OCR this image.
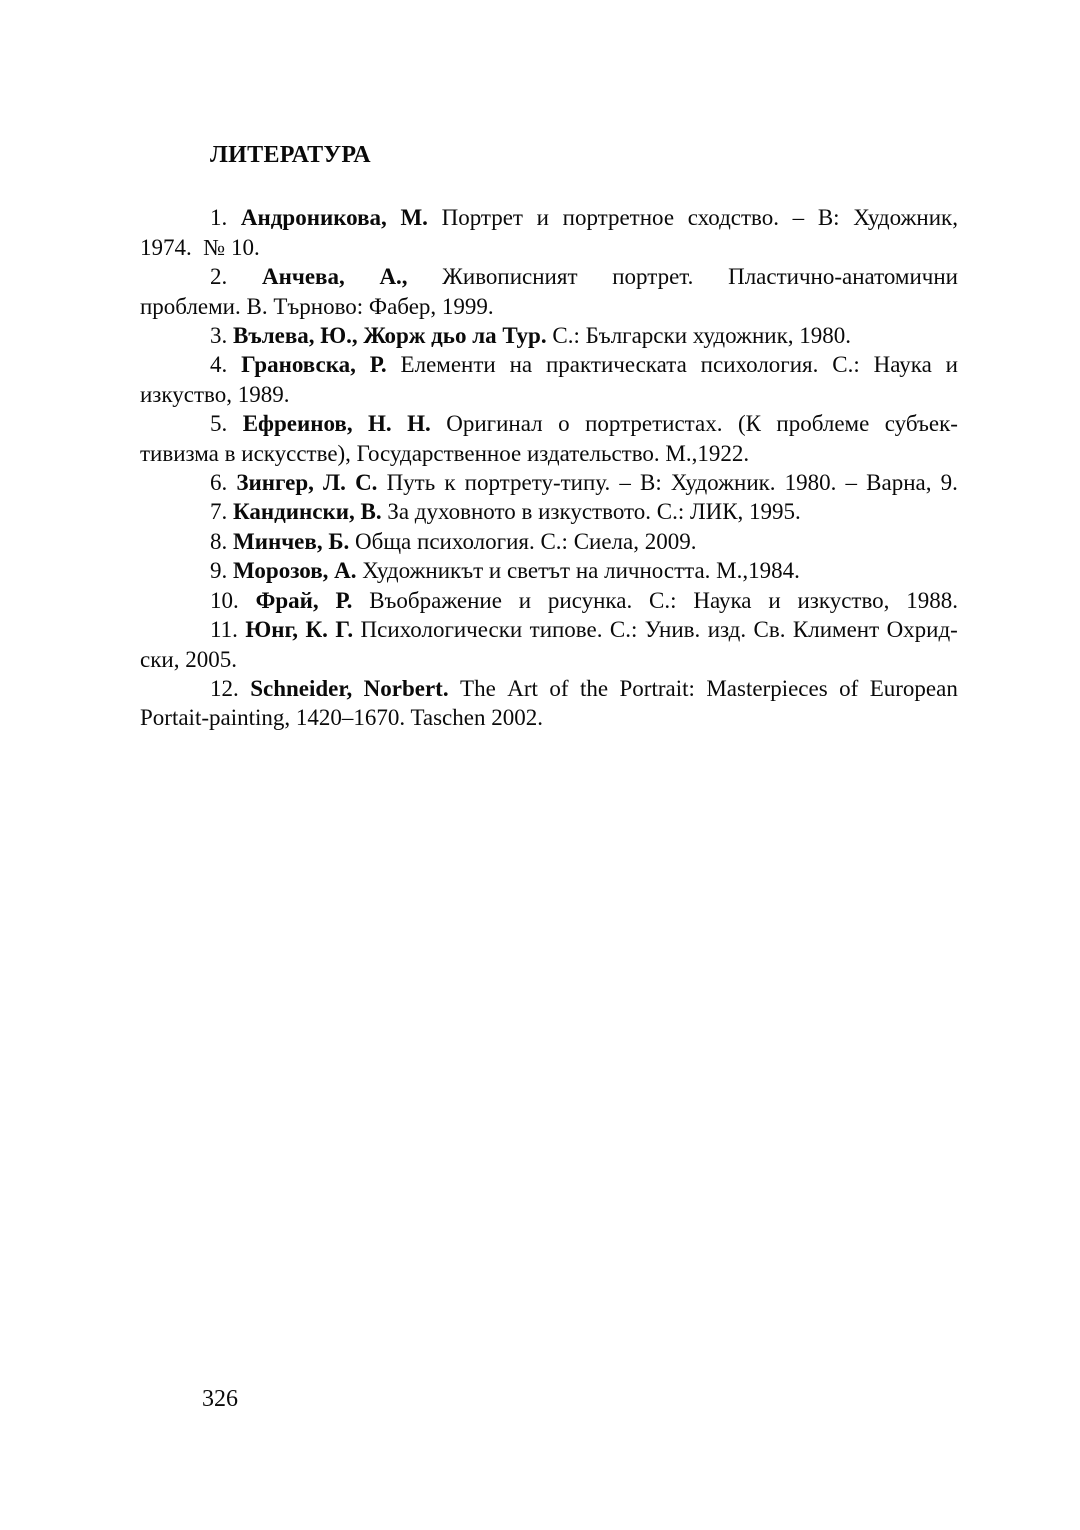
ЛИТЕРАТУРА
1. Андроникова, М. Портрет и портретное сходство. – В: Художник,
1974.  № 10.
2. Анчева, А., Живописният портрет. Пластично-анатомични
проблеми. В. Търново: Фабер, 1999.
3. Вълева, Ю., Жорж дьо ла Тур. С.: Български художник, 1980.
4. Грановска, Р. Елементи на практическата психология. С.: Наука и
изкуство, 1989.
5. Ефреинов, Н. Н. Оригинал о портретистах. (К проблеме субъек-
тивизма в искусстве), Государственное издательство. М.,1922.
6. Зингер, Л. С. Путь к портрету-типу. – В: Художник. 1980. – Варна, 9.
7. Кандински, В. За духовното в изкуството. С.: ЛИК, 1995.
8. Минчев, Б. Обща психология. С.: Сиела, 2009.
9. Морозов, А. Художникът и светът на личността. М.,1984.
10. Фрай, Р. Въображение и рисунка. С.: Наука и изкуство, 1988.
11. Юнг, К. Г. Психологически типове. С.: Унив. изд. Св. Климент Охрид-
ски, 2005.
12. Schneider, Norbert. The Art of the Portrait: Masterpieces of European
Portait-painting, 1420–1670. Taschen 2002.
326
